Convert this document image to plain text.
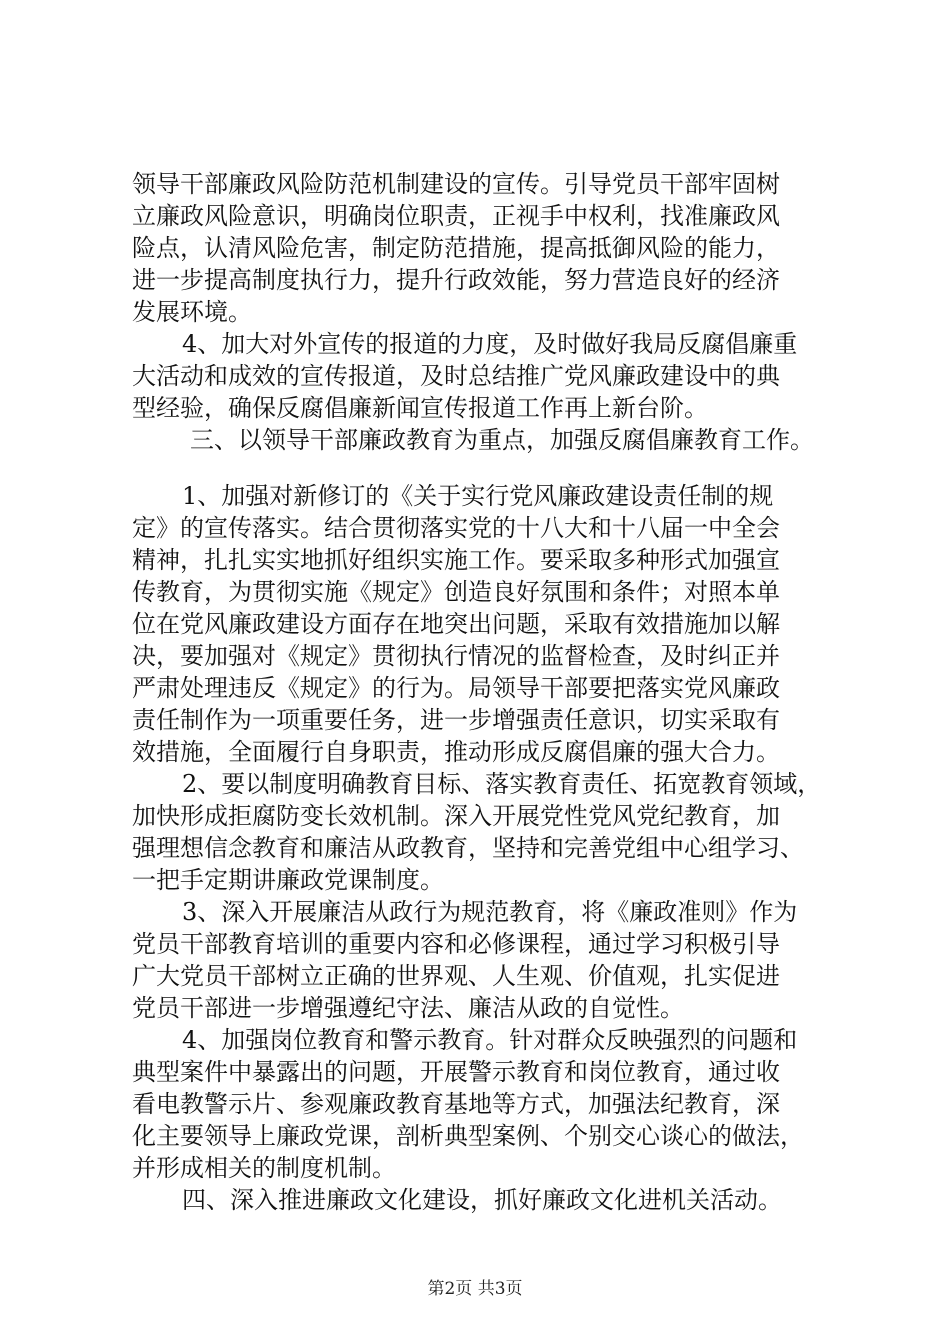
领导干部廉政风险防范机制建设的宣传。引导党员干部牢固树
立廉政风险意识，明确岗位职责，正视手中权利，找准廉政风
险点，认清风险危害，制定防范措施，提高抵御风险的能力，
进一步提高制度执行力，提升行政效能，努力营造良好的经济
发展环境。
4、加大对外宣传的报道的力度，及时做好我局反腐倡廉重
大活动和成效的宣传报道，及时总结推广党风廉政建设中的典
型经验，确保反腐倡廉新闻宣传报道工作再上新台阶。
三、以领导干部廉政教育为重点，加强反腐倡廉教育工作。
1、加强对新修订的《关于实行党风廉政建设责任制的规
定》的宣传落实。结合贯彻落实党的十八大和十八届一中全会
精神，扎扎实实地抓好组织实施工作。要采取多种形式加强宣
传教育，为贯彻实施《规定》创造良好氛围和条件；对照本单
位在党风廉政建设方面存在地突出问题，采取有效措施加以解
决，要加强对《规定》贯彻执行情况的监督检查，及时纠正并
严肃处理违反《规定》的行为。局领导干部要把落实党风廉政
责任制作为一项重要任务，进一步增强责任意识，切实采取有
效措施，全面履行自身职责，推动形成反腐倡廉的强大合力。
2、要以制度明确教育目标、落实教育责任、拓宽教育领域，
加快形成拒腐防变长效机制。深入开展党性党风党纪教育，加
强理想信念教育和廉洁从政教育，坚持和完善党组中心组学习、
一把手定期讲廉政党课制度。
3、深入开展廉洁从政行为规范教育，将《廉政准则》作为
党员干部教育培训的重要内容和必修课程，通过学习积极引导
广大党员干部树立正确的世界观、人生观、价值观，扎实促进
党员干部进一步增强遵纪守法、廉洁从政的自觉性。
4、加强岗位教育和警示教育。针对群众反映强烈的问题和
典型案件中暴露出的问题，开展警示教育和岗位教育，通过收
看电教警示片、参观廉政教育基地等方式，加强法纪教育，深
化主要领导上廉政党课，剖析典型案例、个别交心谈心的做法，
并形成相关的制度机制。
四、深入推进廉政文化建设，抓好廉政文化进机关活动。
第2页 共3页
